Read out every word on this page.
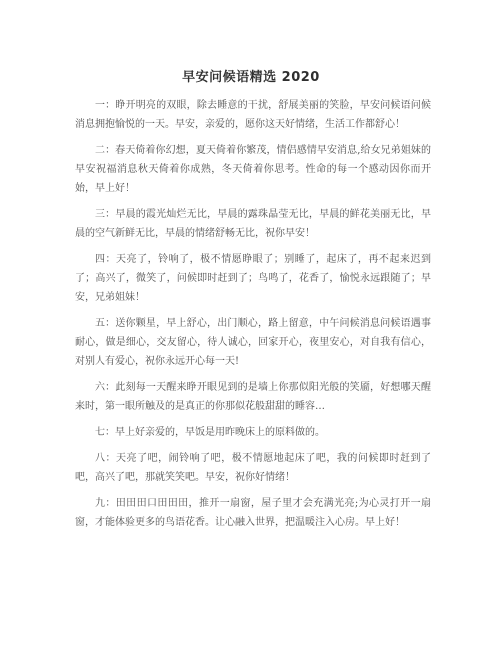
早安问候语精选 2020

一：睁开明亮的双眼，除去睡意的干扰，舒展美丽的笑脸，早安问候语问候消息拥抱愉悦的一天。早安，亲爱的，愿你这天好情绪，生活工作都舒心！

二：春天倚着你幻想，夏天倚着你繁茂，情侣感情早安消息,给女兄弟姐妹的早安祝福消息秋天倚着你成熟，冬天倚着你思考。性命的每一个感动因你而开始，早上好！

三：早晨的霞光灿烂无比，早晨的露珠晶莹无比，早晨的鲜花美丽无比，早晨的空气新鲜无比，早晨的情绪舒畅无比，祝你早安！

四：天亮了，铃响了，极不情愿睁眼了；别睡了，起床了，再不起来迟到了；高兴了，微笑了，问候即时赶到了；鸟鸣了，花香了，愉悦永远跟随了；早安，兄弟姐妹！

五：送你颗星，早上舒心，出门顺心，路上留意，中午问候消息问候语遇事耐心，做是细心，交友留心，待人诚心，回家开心，夜里安心，对自我有信心，对别人有爱心，祝你永远开心每一天!

六：此刻每一天醒来睁开眼见到的是墙上你那似阳光般的笑靥，好想哪天醒来时，第一眼所触及的是真正的你那似花般甜甜的睡容…

七：早上好亲爱的，早饭是用昨晚床上的原料做的。

八：天亮了吧，闹铃响了吧，极不情愿地起床了吧，我的问候即时赶到了吧，高兴了吧，那就笑笑吧。早安，祝你好情绪！

九：田田田口田田田，推开一扇窗，屋子里才会充满光亮;为心灵打开一扇窗，才能体验更多的鸟语花香。让心融入世界，把温暖注入心房。早上好！
